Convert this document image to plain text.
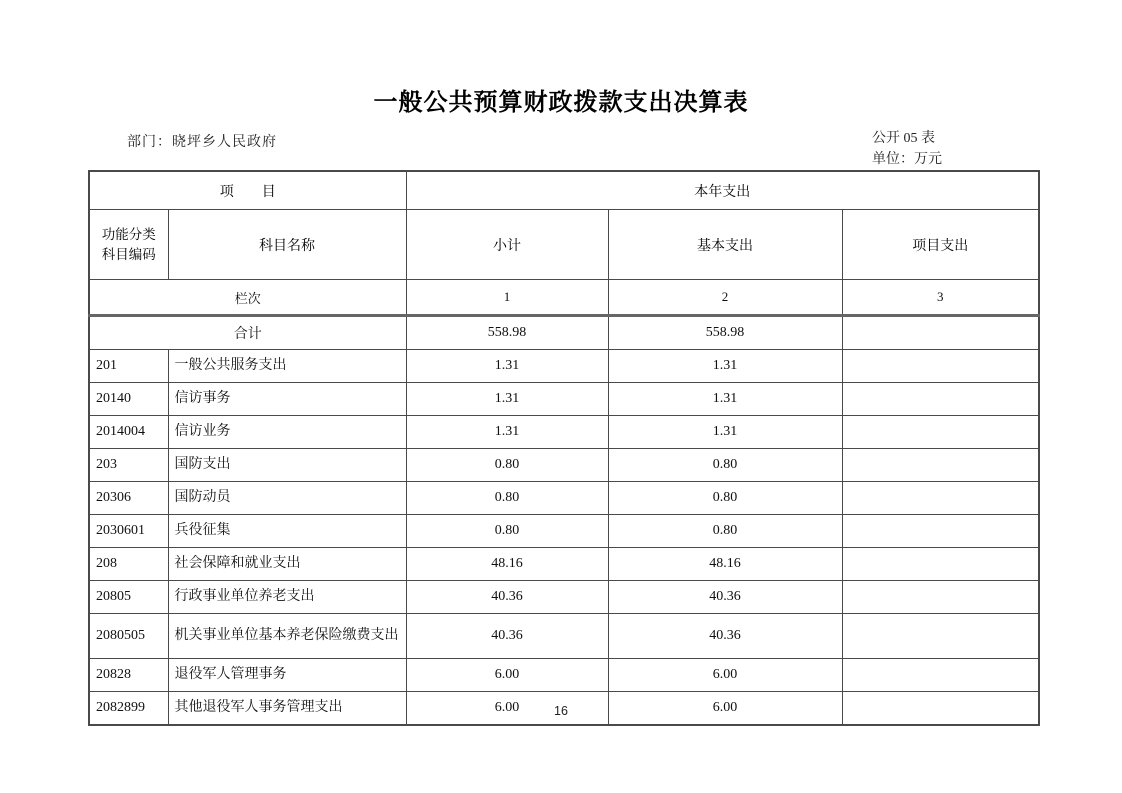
一般公共预算财政拨款支出决算表
部门：晓坪乡人民政府	公开 05 表
单位：万元
项　　目		本年支出		
功能分类
科目编码	科目名称	小计	基本支出	项目支出
栏次		1	2	3
合计		558.98	558.98	
201	一般公共服务支出	1.31	1.31	
20140	信访事务	1.31	1.31	
2014004	信访业务	1.31	1.31	
203	国防支出	0.80	0.80	
20306	国防动员	0.80	0.80	
2030601	兵役征集	0.80	0.80	
208	社会保障和就业支出	48.16	48.16	
20805	行政事业单位养老支出	40.36	40.36	
2080505	机关事业单位基本养老保险缴费支出	40.36	40.36	
20828	退役军人管理事务	6.00	6.00	
2082899	其他退役军人事务管理支出	6.00	6.00	
16
